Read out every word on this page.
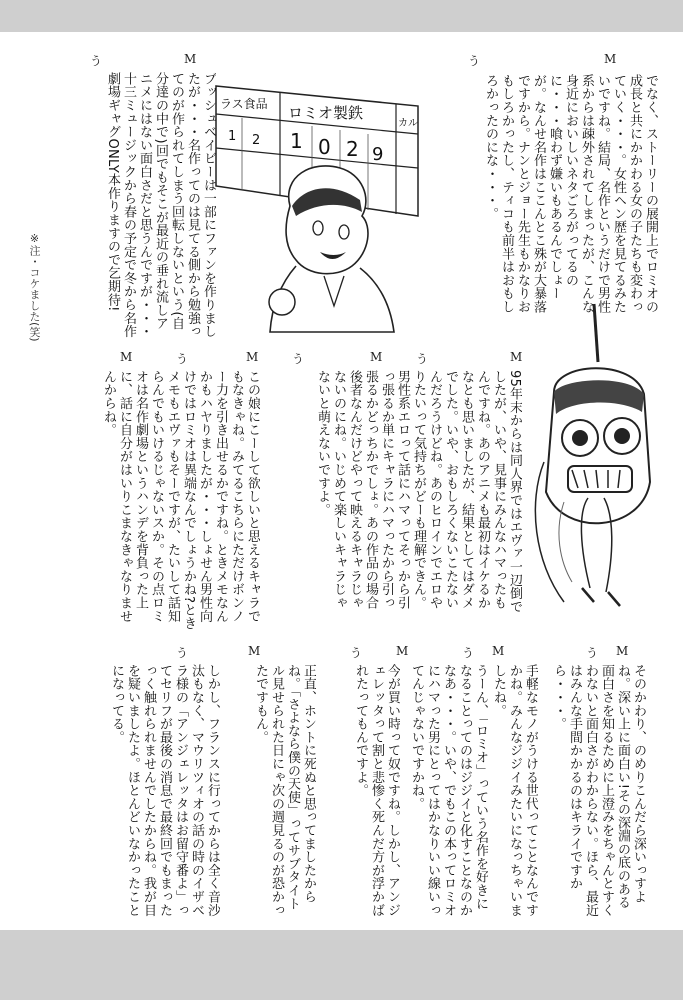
M
う
M
う
でなく、ストーリーの展開上でロミオの成長と共にかかわる女の子たちも変わっていく・・・。女性ヘン歴を見てるみたいですね。結局、名作というだけで男性系からは疎外されてしまったが、こんな身近においしいネタごろがってるのに・・・喰わず嫌いもあるんでしょーが。なんせ名作はここんとこ殊が大暴落ですから。ナンとジョー先生もかなりおもしろかったし、ティコも前半はおもしろかったのにな・・・。
ラス食品 ロミオ製鉄
カル
1 2 1 0 2 9
ブッシュベイビーは一部にファンを作りましたが・・・名作ってのは見てる側から勉強ってのが作られてしまう回転しないという(自分達の中で)回でもそこが最近の垂れ流しアニメにはない面白さだと思うんですが・・・十三ミュージックから春の予定で冬から名作劇場ギャグONLY本作りますので乞期待!
※注・コケました(笑)
M
う
M
う
M
う
M
95年末からは同人界ではエヴァ一辺倒でしたが、いや、見事にみんなハマったもんですね。あのアニメも最初はイケるかなとも思いましたが、結果としてはダメでした。いや、おもしろくないこたないんだろうけどね。あのヒロインでエロやりたいって気持ちがどーも理解できん。男性系エロって話にハマってそっから引っ張るか単にキャラにハマったから引っ張るかどっちかでしょ。あの作品の場合後者なんだけどやって映えるキャラじゃないのにね。いじめて楽しいキャラじゃないと萌えないですよ。
この娘にこーして欲しいと思えるキャラでもなきゃね。みてるこちらにただけボンノー力を引き出せるかですね。ときメモなんかもハヤりましたが・・・しょせん男性向けではロミオは異端なんでしょうかね?ときメモもエヴァもそーですが、たいして話知らんでもいけるじゃないスか。その点ロミオは名作劇場というハンデを背負った上に、話に自分がはいりこまなきゃなりませんからね。
M
う
M
う
M
う
M
う
そのかわり、のめりこんだら深いっすよね。深い上に面白い!その深淵の底のある面白さを知るために上澄みをちゃんとすくわないと面白さがわからない。ほら、最近はみんな手間かかるのはキライですから・・・。
手軽なモノがうける世代ってことなんですかね。みんなジジイみたいになっちゃいましたね。
うーん、「ロミオ」っていう名作を好きになることってのはジジイと化すことなのかなあ・・・。いや、でもこの本ってロミオにハマった男にとってはかなりいい線いってんじゃないですかね。
今が買い時って奴ですね。しかし、アンジェレッタって割と悲惨く死んだ方が浮かばれたってもんですよ。
正直、ホントに死ぬと思ってましたからね。「さよなら僕の天使」ってサブタイトル見せられた日にゃ次の週見るのが恐かったですもん。
しかし、フランスに行ってからは全く音沙汰もなく、マウリツィオの話の時のイザベラ様の「アンジェレッタはお留守番よ」ってセリフが最後の消息で最終回でもまったっく触れられませんでしたからね。我が目を疑いましたよ。ほとんどいなかったことになってる。
